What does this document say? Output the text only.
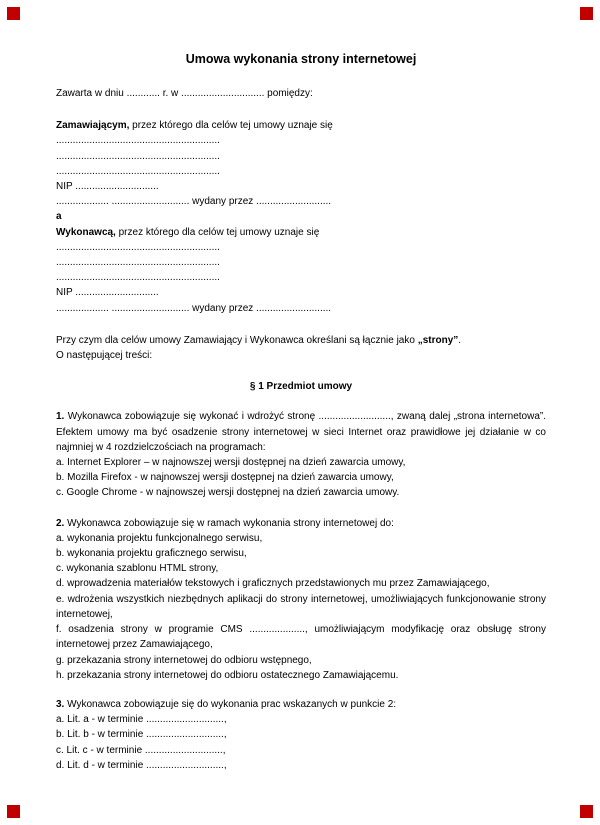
Umowa wykonania strony internetowej

Zawarta w dniu ............ r. w .............................. pomiędzy:

Zamawiającym, przez którego dla celów tej umowy uznaje się
...........................................................
...........................................................
...........................................................
NIP ..............................
................... ............................ wydany przez ...........................
a
Wykonawcą, przez którego dla celów tej umowy uznaje się
...........................................................
...........................................................
...........................................................
NIP ..............................
................... ............................ wydany przez ...........................
Przy czym dla celów umowy Zamawiający i Wykonawca określani są łącznie jako „strony”.
O następującej treści:
§ 1 Przedmiot umowy

1. Wykonawca zobowiązuje się wykonać i wdrożyć stronę .........................., zwaną dalej „strona internetowa”. Efektem umowy ma być osadzenie strony internetowej w sieci Internet oraz prawidłowe jej działanie w co najmniej w 4 rozdzielczościach na programach:

a. Internet Explorer – w najnowszej wersji dostępnej na dzień zawarcia umowy,
b. Mozilla Firefox - w najnowszej wersji dostępnej na dzień zawarcia umowy,
c. Google Chrome - w najnowszej wersji dostępnej na dzień zawarcia umowy.

2. Wykonawca zobowiązuje się w ramach wykonania strony internetowej do:

a. wykonania projektu funkcjonalnego serwisu,
b. wykonania projektu graficznego serwisu,
c. wykonania szablonu HTML strony,
d. wprowadzenia materiałów tekstowych i graficznych przedstawionych mu przez Zamawiającego,
e. wdrożenia wszystkich niezbędnych aplikacji do strony internetowej, umożliwiających funkcjonowanie strony internetowej,
f. osadzenia strony w programie CMS ...................., umożliwiającym modyfikację oraz obsługę strony internetowej przez Zamawiającego,
g. przekazania strony internetowej do odbioru wstępnego,
h. przekazania strony internetowej do odbioru ostatecznego Zamawiającemu.

3. Wykonawca zobowiązuje się do wykonania prac wskazanych w punkcie 2:

a. Lit. a - w terminie ............................,
b. Lit. b - w terminie ............................,
c. Lit. c - w terminie ............................,
d. Lit. d - w terminie ............................,
